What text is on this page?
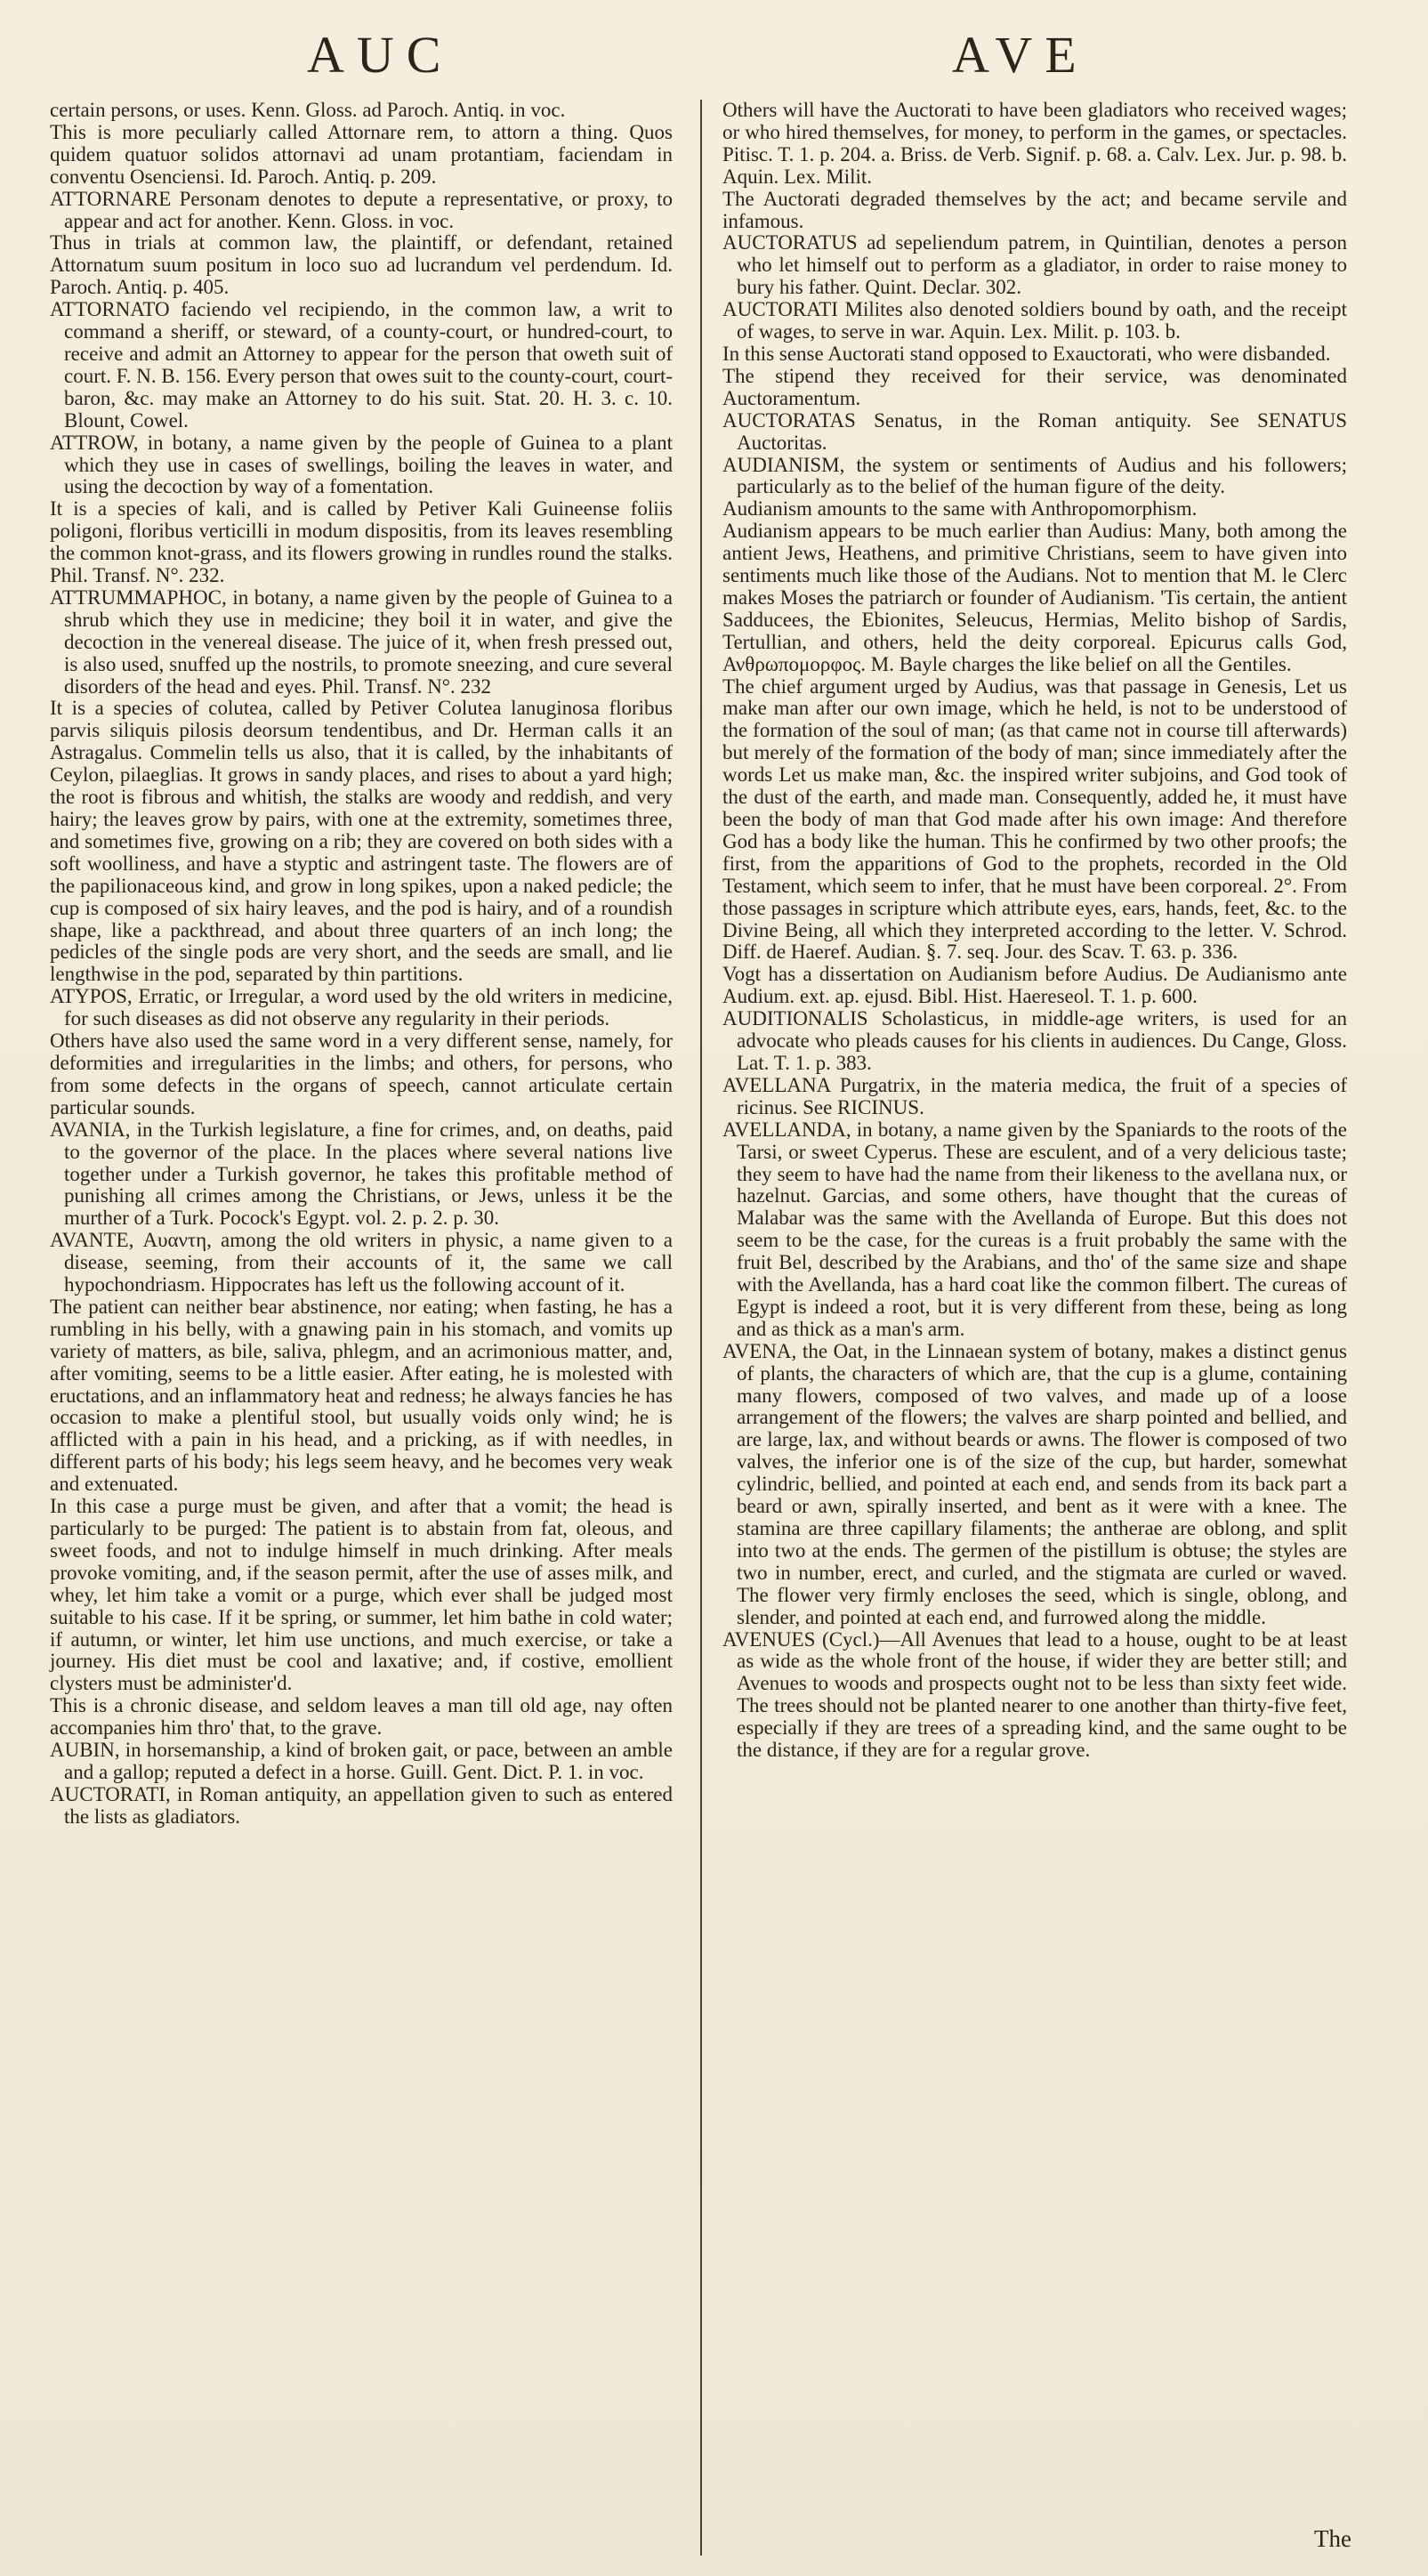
AUC	AVE

certain persons, or uses. Kenn. Gloss. ad Paroch. Antiq. in voc.

This is more peculiarly called Attornare rem, to attorn a thing. Quos quidem quatuor solidos attornavi ad unam protantiam, faciendam in conventu Osenciensi. Id. Paroch. Antiq. p. 209.

ATTORNARE Personam denotes to depute a representative, or proxy, to appear and act for another. Kenn. Gloss. in voc.

Thus in trials at common law, the plaintiff, or defendant, retained Attornatum suum positum in loco suo ad lucrandum vel perdendum. Id. Paroch. Antiq. p. 405.

ATTORNATO faciendo vel recipiendo, in the common law, a writ to command a sheriff, or steward, of a county-court, or hundred-court, to receive and admit an Attorney to appear for the person that oweth suit of court. F. N. B. 156. Every person that owes suit to the county-court, court-baron, &c. may make an Attorney to do his suit. Stat. 20. H. 3. c. 10. Blount, Cowel.

ATTROW, in botany, a name given by the people of Guinea to a plant which they use in cases of swellings, boiling the leaves in water, and using the decoction by way of a fomentation.

It is a species of kali, and is called by Petiver Kali Guineense foliis poligoni, floribus verticilli in modum dispositis, from its leaves resembling the common knot-grass, and its flowers growing in rundles round the stalks. Phil. Transf. N°. 232.

ATTRUMMAPHOC, in botany, a name given by the people of Guinea to a shrub which they use in medicine; they boil it in water, and give the decoction in the venereal disease. The juice of it, when fresh pressed out, is also used, snuffed up the nostrils, to promote sneezing, and cure several disorders of the head and eyes. Phil. Transf. N°. 232

It is a species of colutea, called by Petiver Colutea lanuginosa floribus parvis siliquis pilosis deorsum tendentibus, and Dr. Herman calls it an Astragalus. Commelin tells us also, that it is called, by the inhabitants of Ceylon, pilaeglias. It grows in sandy places, and rises to about a yard high; the root is fibrous and whitish, the stalks are woody and reddish, and very hairy; the leaves grow by pairs, with one at the extremity, sometimes three, and sometimes five, growing on a rib; they are covered on both sides with a soft woolliness, and have a styptic and astringent taste. The flowers are of the papilionaceous kind, and grow in long spikes, upon a naked pedicle; the cup is composed of six hairy leaves, and the pod is hairy, and of a roundish shape, like a packthread, and about three quarters of an inch long; the pedicles of the single pods are very short, and the seeds are small, and lie lengthwise in the pod, separated by thin partitions.

ATYPOS, Erratic, or Irregular, a word used by the old writers in medicine, for such diseases as did not observe any regularity in their periods.

Others have also used the same word in a very different sense, namely, for deformities and irregularities in the limbs; and others, for persons, who from some defects in the organs of speech, cannot articulate certain particular sounds.

AVANIA, in the Turkish legislature, a fine for crimes, and, on deaths, paid to the governor of the place. In the places where several nations live together under a Turkish governor, he takes this profitable method of punishing all crimes among the Christians, or Jews, unless it be the murther of a Turk. Pocock's Egypt. vol. 2. p. 2. p. 30.

AVANTE, Αυαντη, among the old writers in physic, a name given to a disease, seeming, from their accounts of it, the same we call hypochondriasm. Hippocrates has left us the following account of it.

The patient can neither bear abstinence, nor eating; when fasting, he has a rumbling in his belly, with a gnawing pain in his stomach, and vomits up variety of matters, as bile, saliva, phlegm, and an acrimonious matter, and, after vomiting, seems to be a little easier. After eating, he is molested with eructations, and an inflammatory heat and redness; he always fancies he has occasion to make a plentiful stool, but usually voids only wind; he is afflicted with a pain in his head, and a pricking, as if with needles, in different parts of his body; his legs seem heavy, and he becomes very weak and extenuated.

In this case a purge must be given, and after that a vomit; the head is particularly to be purged: The patient is to abstain from fat, oleous, and sweet foods, and not to indulge himself in much drinking. After meals provoke vomiting, and, if the season permit, after the use of asses milk, and whey, let him take a vomit or a purge, which ever shall be judged most suitable to his case. If it be spring, or summer, let him bathe in cold water; if autumn, or winter, let him use unctions, and much exercise, or take a journey. His diet must be cool and laxative; and, if costive, emollient clysters must be administer'd.

This is a chronic disease, and seldom leaves a man till old age, nay often accompanies him thro' that, to the grave.

AUBIN, in horsemanship, a kind of broken gait, or pace, between an amble and a gallop; reputed a defect in a horse. Guill. Gent. Dict. P. 1. in voc.

AUCTORATI, in Roman antiquity, an appellation given to such as entered the lists as gladiators.

Others will have the Auctorati to have been gladiators who received wages; or who hired themselves, for money, to perform in the games, or spectacles. Pitisc. T. 1. p. 204. a. Briss. de Verb. Signif. p. 68. a. Calv. Lex. Jur. p. 98. b. Aquin. Lex. Milit.

The Auctorati degraded themselves by the act; and became servile and infamous.

AUCTORATUS ad sepeliendum patrem, in Quintilian, denotes a person who let himself out to perform as a gladiator, in order to raise money to bury his father. Quint. Declar. 302.

AUCTORATI Milites also denoted soldiers bound by oath, and the receipt of wages, to serve in war. Aquin. Lex. Milit. p. 103. b.

In this sense Auctorati stand opposed to Exauctorati, who were disbanded.

The stipend they received for their service, was denominated Auctoramentum.

AUCTORATAS Senatus, in the Roman antiquity. See SENATUS Auctoritas.

AUDIANISM, the system or sentiments of Audius and his followers; particularly as to the belief of the human figure of the deity.

Audianism amounts to the same with Anthropomorphism.

Audianism appears to be much earlier than Audius: Many, both among the antient Jews, Heathens, and primitive Christians, seem to have given into sentiments much like those of the Audians. Not to mention that M. le Clerc makes Moses the patriarch or founder of Audianism. 'Tis certain, the antient Sadducees, the Ebionites, Seleucus, Hermias, Melito bishop of Sardis, Tertullian, and others, held the deity corporeal. Epicurus calls God, Ανθρωπομορφος. M. Bayle charges the like belief on all the Gentiles.

The chief argument urged by Audius, was that passage in Genesis, Let us make man after our own image, which he held, is not to be understood of the formation of the soul of man; (as that came not in course till afterwards) but merely of the formation of the body of man; since immediately after the words Let us make man, &c. the inspired writer subjoins, and God took of the dust of the earth, and made man. Consequently, added he, it must have been the body of man that God made after his own image: And therefore God has a body like the human. This he confirmed by two other proofs; the first, from the apparitions of God to the prophets, recorded in the Old Testament, which seem to infer, that he must have been corporeal. 2°. From those passages in scripture which attribute eyes, ears, hands, feet, &c. to the Divine Being, all which they interpreted according to the letter. V. Schrod. Diff. de Haeref. Audian. §. 7. seq. Jour. des Scav. T. 63. p. 336.

Vogt has a dissertation on Audianism before Audius. De Audianismo ante Audium. ext. ap. ejusd. Bibl. Hist. Haereseol. T. 1. p. 600.

AUDITIONALIS Scholasticus, in middle-age writers, is used for an advocate who pleads causes for his clients in audiences. Du Cange, Gloss. Lat. T. 1. p. 383.

AVELLANA Purgatrix, in the materia medica, the fruit of a species of ricinus. See RICINUS.

AVELLANDA, in botany, a name given by the Spaniards to the roots of the Tarsi, or sweet Cyperus. These are esculent, and of a very delicious taste; they seem to have had the name from their likeness to the avellana nux, or hazelnut. Garcias, and some others, have thought that the cureas of Malabar was the same with the Avellanda of Europe. But this does not seem to be the case, for the cureas is a fruit probably the same with the fruit Bel, described by the Arabians, and tho' of the same size and shape with the Avellanda, has a hard coat like the common filbert. The cureas of Egypt is indeed a root, but it is very different from these, being as long and as thick as a man's arm.

AVENA, the Oat, in the Linnaean system of botany, makes a distinct genus of plants, the characters of which are, that the cup is a glume, containing many flowers, composed of two valves, and made up of a loose arrangement of the flowers; the valves are sharp pointed and bellied, and are large, lax, and without beards or awns. The flower is composed of two valves, the inferior one is of the size of the cup, but harder, somewhat cylindric, bellied, and pointed at each end, and sends from its back part a beard or awn, spirally inserted, and bent as it were with a knee. The stamina are three capillary filaments; the antherae are oblong, and split into two at the ends. The germen of the pistillum is obtuse; the styles are two in number, erect, and curled, and the stigmata are curled or waved. The flower very firmly encloses the seed, which is single, oblong, and slender, and pointed at each end, and furrowed along the middle.

AVENUES (Cycl.)—All Avenues that lead to a house, ought to be at least as wide as the whole front of the house, if wider they are better still; and Avenues to woods and prospects ought not to be less than sixty feet wide. The trees should not be planted nearer to one another than thirty-five feet, especially if they are trees of a spreading kind, and the same ought to be the distance, if they are for a regular grove.

The
